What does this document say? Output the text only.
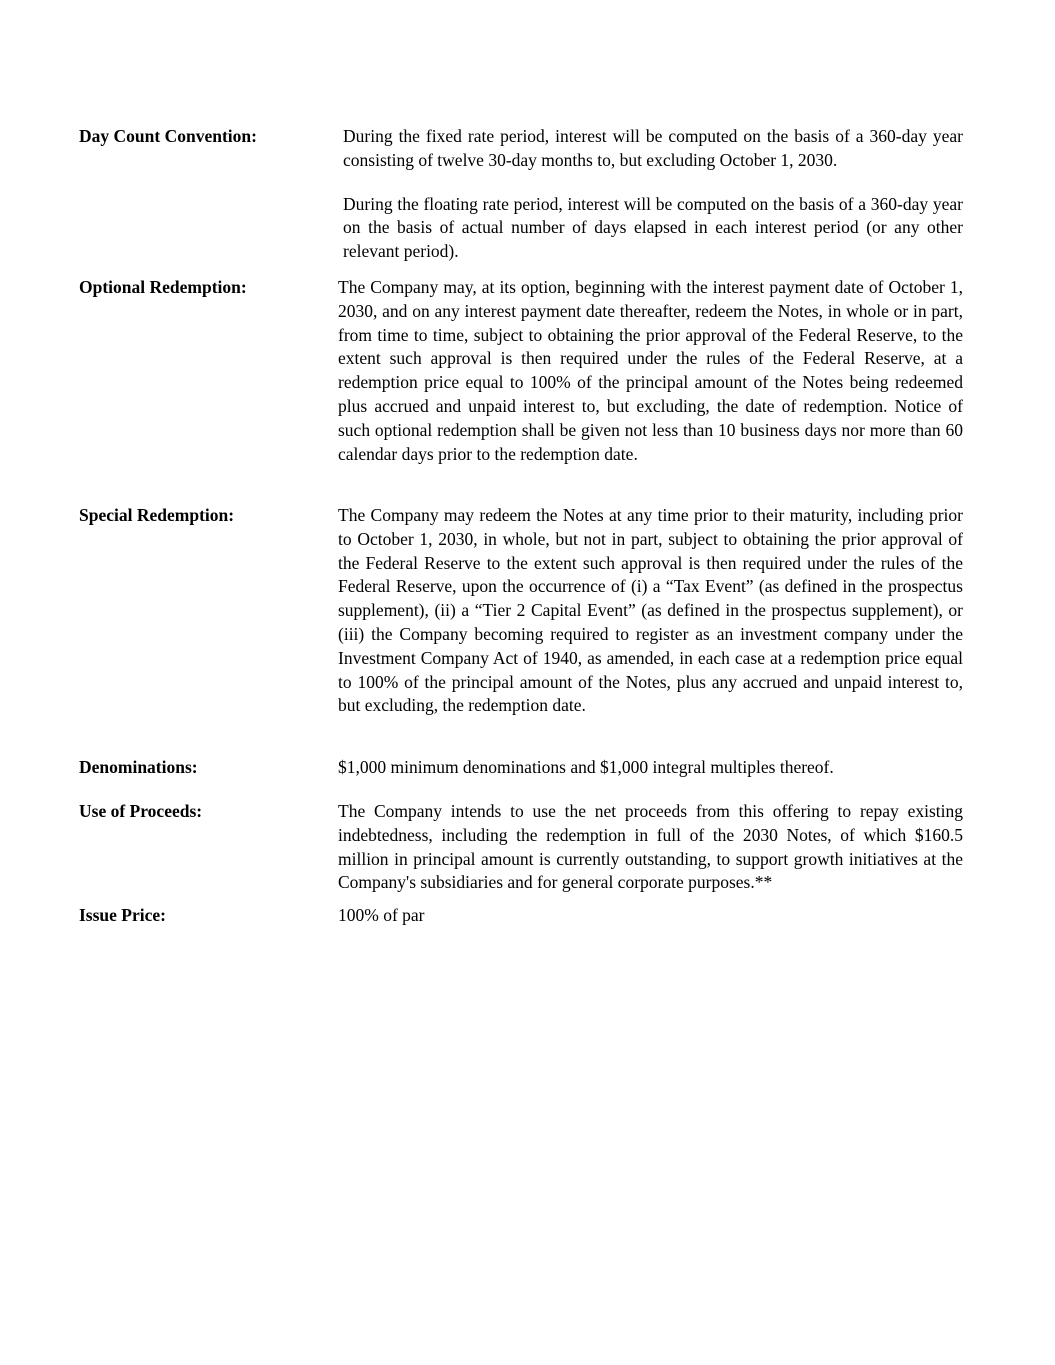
Day Count Convention:	During the fixed rate period, interest will be computed on the basis of a 360-day year consisting of twelve 30-day months to, but excluding October 1, 2030.

During the floating rate period, interest will be computed on the basis of a 360-day year on the basis of actual number of days elapsed in each interest period (or any other relevant period).

Optional Redemption:	The Company may, at its option, beginning with the interest payment date of October 1, 2030, and on any interest payment date thereafter, redeem the Notes, in whole or in part, from time to time, subject to obtaining the prior approval of the Federal Reserve, to the extent such approval is then required under the rules of the Federal Reserve, at a redemption price equal to 100% of the principal amount of the Notes being redeemed plus accrued and unpaid interest to, but excluding, the date of redemption. Notice of such optional redemption shall be given not less than 10 business days nor more than 60 calendar days prior to the redemption date.
Special Redemption:	The Company may redeem the Notes at any time prior to their maturity, including prior to October 1, 2030, in whole, but not in part, subject to obtaining the prior approval of the Federal Reserve to the extent such approval is then required under the rules of the Federal Reserve, upon the occurrence of (i) a “Tax Event” (as defined in the prospectus supplement), (ii) a “Tier 2 Capital Event” (as defined in the prospectus supplement), or (iii) the Company becoming required to register as an investment company under the Investment Company Act of 1940, as amended, in each case at a redemption price equal to 100% of the principal amount of the Notes, plus any accrued and unpaid interest to, but excluding, the redemption date.
Denominations:	$1,000 minimum denominations and $1,000 integral multiples thereof.
Use of Proceeds:	The Company intends to use the net proceeds from this offering to repay existing indebtedness, including the redemption in full of the 2030 Notes, of which $160.5 million in principal amount is currently outstanding, to support growth initiatives at the Company's subsidiaries and for general corporate purposes.**
Issue Price:	100% of par
